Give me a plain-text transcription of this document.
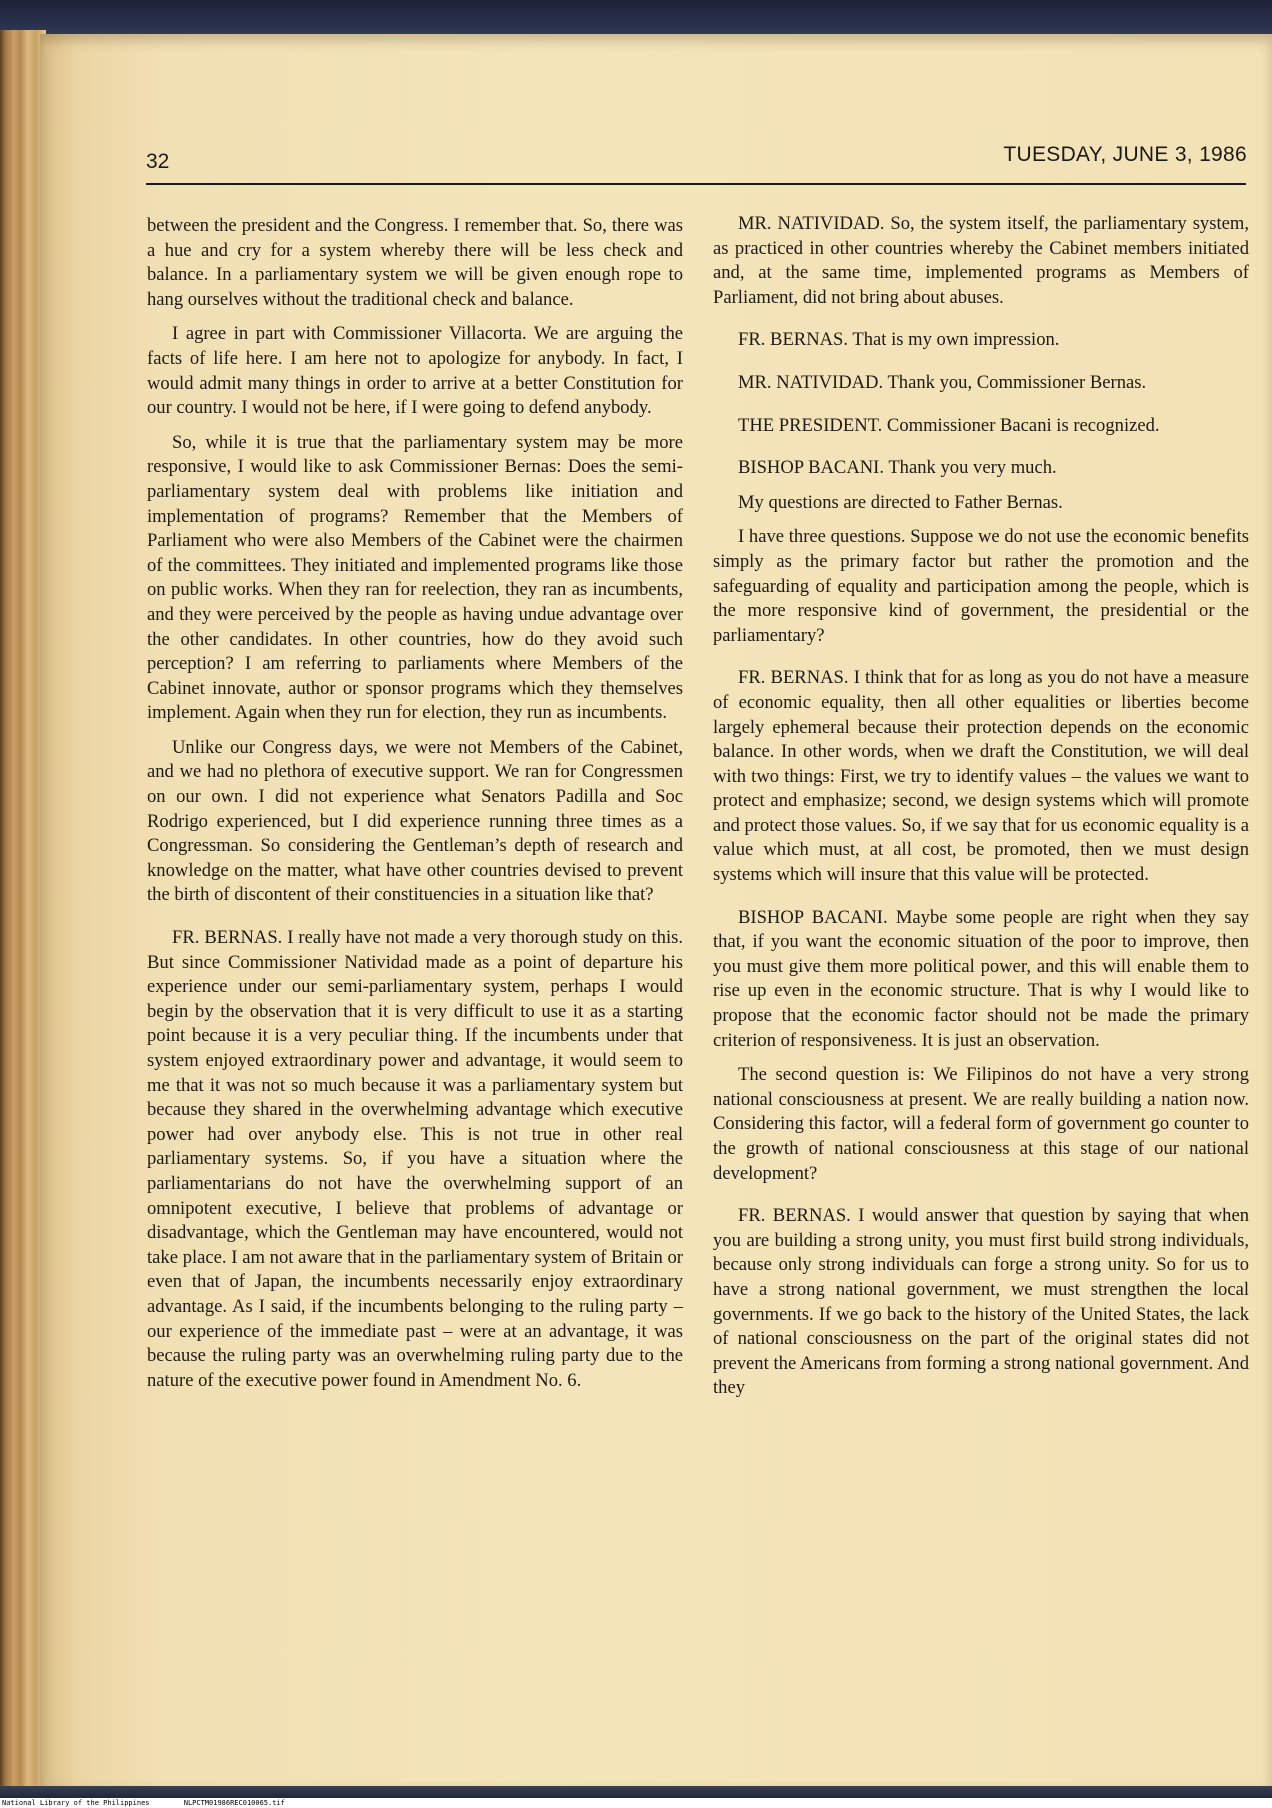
32	TUESDAY, JUNE 3, 1986

between the president and the Congress. I remember that. So, there was a hue and cry for a system whereby there will be less check and balance. In a parliamentary system we will be given enough rope to hang ourselves without the traditional check and balance.

I agree in part with Commissioner Villacorta. We are arguing the facts of life here. I am here not to apologize for anybody. In fact, I would admit many things in order to arrive at a better Constitution for our country. I would not be here, if I were going to defend anybody.

So, while it is true that the parliamentary system may be more responsive, I would like to ask Commissioner Bernas: Does the semi-parliamentary system deal with problems like initiation and implementation of programs? Remember that the Members of Parliament who were also Members of the Cabinet were the chairmen of the committees. They initiated and implemented programs like those on public works. When they ran for reelection, they ran as incumbents, and they were perceived by the people as having undue advantage over the other candidates. In other countries, how do they avoid such perception? I am referring to parliaments where Members of the Cabinet innovate, author or sponsor programs which they themselves implement. Again when they run for election, they run as incumbents.

Unlike our Congress days, we were not Members of the Cabinet, and we had no plethora of executive support. We ran for Congressmen on our own. I did not experience what Senators Padilla and Soc Rodrigo experienced, but I did experience running three times as a Congressman. So considering the Gentleman’s depth of research and knowledge on the matter, what have other countries devised to prevent the birth of discontent of their constituencies in a situation like that?

FR. BERNAS. I really have not made a very thorough study on this. But since Commissioner Natividad made as a point of departure his experience under our semi-parliamentary system, perhaps I would begin by the observation that it is very difficult to use it as a starting point because it is a very peculiar thing. If the incumbents under that system enjoyed extraordinary power and advantage, it would seem to me that it was not so much because it was a parliamentary system but because they shared in the overwhelming advantage which executive power had over anybody else. This is not true in other real parliamentary systems. So, if you have a situation where the parliamentarians do not have the overwhelming support of an omnipotent executive, I believe that problems of advantage or disadvantage, which the Gentleman may have encountered, would not take place. I am not aware that in the parliamentary system of Britain or even that of Japan, the incumbents necessarily enjoy extraordinary advantage. As I said, if the incumbents belonging to the ruling party – our experience of the immediate past – were at an advantage, it was because the ruling party was an overwhelming ruling party due to the nature of the executive power found in Amendment No. 6.

MR. NATIVIDAD. So, the system itself, the parliamentary system, as practiced in other countries whereby the Cabinet members initiated and, at the same time, implemented programs as Members of Parliament, did not bring about abuses.

FR. BERNAS. That is my own impression.

MR. NATIVIDAD. Thank you, Commissioner Bernas.

THE PRESIDENT. Commissioner Bacani is recognized.

BISHOP BACANI. Thank you very much.

My questions are directed to Father Bernas.

I have three questions. Suppose we do not use the economic benefits simply as the primary factor but rather the promotion and the safeguarding of equality and participation among the people, which is the more responsive kind of government, the presidential or the parliamentary?

FR. BERNAS. I think that for as long as you do not have a measure of economic equality, then all other equalities or liberties become largely ephemeral because their protection depends on the economic balance. In other words, when we draft the Constitution, we will deal with two things: First, we try to identify values – the values we want to protect and emphasize; second, we design systems which will promote and protect those values. So, if we say that for us economic equality is a value which must, at all cost, be promoted, then we must design systems which will insure that this value will be protected.

BISHOP BACANI. Maybe some people are right when they say that, if you want the economic situation of the poor to improve, then you must give them more political power, and this will enable them to rise up even in the economic structure. That is why I would like to propose that the economic factor should not be made the primary criterion of responsiveness. It is just an observation.

The second question is: We Filipinos do not have a very strong national consciousness at present. We are really building a nation now. Considering this factor, will a federal form of government go counter to the growth of national consciousness at this stage of our national development?

FR. BERNAS. I would answer that question by saying that when you are building a strong unity, you must first build strong individuals, because only strong individuals can forge a strong unity. So for us to have a strong national government, we must strengthen the local governments. If we go back to the history of the United States, the lack of national consciousness on the part of the original states did not prevent the Americans from forming a strong national government. And they

National Library of the Philippines	NLPCTM01986REC010065.tif
